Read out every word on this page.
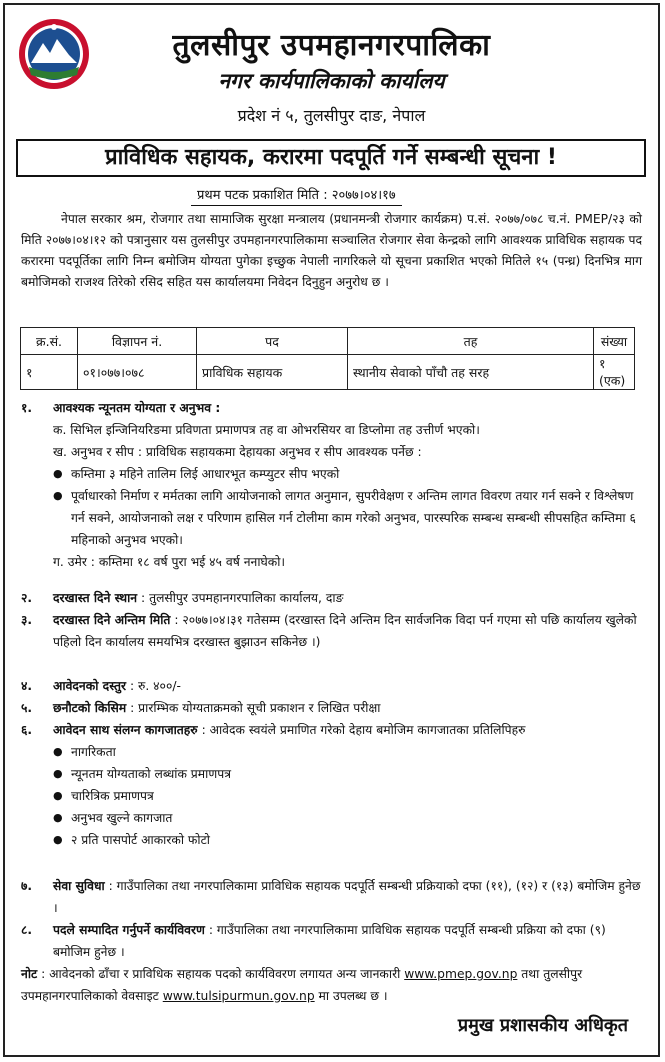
तुलसीपुर उपमहानगरपालिका
नगर कार्यपालिकाको कार्यालय
प्रदेश नं ५, तुलसीपुर दाङ, नेपाल
प्राविधिक सहायक, करारमा पदपूर्ति गर्ने सम्बन्धी सूचना !
प्रथम पटक प्रकाशित मिति : २०७७।०४।१७
नेपाल सरकार श्रम, रोजगार तथा सामाजिक सुरक्षा मन्त्रालय (प्रधानमन्त्री रोजगार कार्यक्रम) प.सं. २०७७/०७८ च.नं. PMEP/२३ को मिति २०७७।०४।१२ को पत्रानुसार यस तुलसीपुर उपमहानगरपालिकामा सञ्चालित रोजगार सेवा केन्द्रको लागि आवश्यक प्राविधिक सहायक पद करारमा पदपूर्तिका लागि निम्न बमोजिम योग्यता पुगेका इच्छुक नेपाली नागरिकले यो सूचना प्रकाशित भएको मितिले १५ (पन्ध्र) दिनभित्र माग बमोजिमको राजश्व तिरेको रसिद सहित यस कार्यालयमा निवेदन दिनुहुन अनुरोध छ ।
क्र.सं.	विज्ञापन नं.	पद	तह	संख्या
१	०१।०७७।०७८	प्राविधिक सहायक	स्थानीय सेवाको पाँचौ तह सरह	१ (एक)
१.	आवश्यक न्यूनतम योग्यता र अनुभव :
क. सिभिल इन्जिनियरिङमा प्रविणता प्रमाणपत्र तह वा ओभरसियर वा डिप्लोमा तह उत्तीर्ण भएको।
ख. अनुभव र सीप : प्राविधिक सहायकमा देहायका अनुभव र सीप आवश्यक पर्नेछ :
● कम्तिमा ३ महिने तालिम लिई आधारभूत कम्प्युटर सीप भएको
● पूर्वाधारको निर्माण र मर्मतका लागि आयोजनाको लागत अनुमान, सुपरीवेक्षण र अन्तिम लागत विवरण तयार गर्न सक्ने र विश्लेषण गर्न सक्ने, आयोजनाको लक्ष र परिणाम हासिल गर्न टोलीमा काम गरेको अनुभव, पारस्परिक सम्बन्ध सम्बन्धी सीपसहित कम्तिमा ६ महिनाको अनुभव भएको।
ग. उमेर : कम्तिमा १८ वर्ष पुरा भई ४५ वर्ष ननाघेको।
२.	दरखास्त दिने स्थान : तुलसीपुर उपमहानगरपालिका कार्यालय, दाङ
३.	दरखास्त दिने अन्तिम मिति : २०७७।०४।३१ गतेसम्म (दरखास्त दिने अन्तिम दिन सार्वजनिक विदा पर्न गएमा सो पछि कार्यालय खुलेको पहिलो दिन कार्यालय समयभित्र दरखास्त बुझाउन सकिनेछ ।)
४.	आवेदनको दस्तुर : रु. ४००/-
५.	छनौटको किसिम : प्रारम्भिक योग्यताक्रमको सूची प्रकाशन र लिखित परीक्षा
६.	आवेदन साथ संलग्न कागजातहरु : आवेदक स्वयंले प्रमाणित गरेको देहाय बमोजिम कागजातका प्रतिलिपिहरु
● नागरिकता
● न्यूनतम योग्यताको लब्धांक प्रमाणपत्र
● चारित्रिक प्रमाणपत्र
● अनुभव खुल्ने कागजात
● २ प्रति पासपोर्ट आकारको फोटो
७.	सेवा सुविधा : गाउँपालिका तथा नगरपालिकामा प्राविधिक सहायक पदपूर्ति सम्बन्धी प्रक्रियाको दफा (११), (१२) र (१३) बमोजिम हुनेछ ।
८.	पदले सम्पादित गर्नुपर्ने कार्यविवरण : गाउँपालिका तथा नगरपालिकामा प्राविधिक सहायक पदपूर्ति सम्बन्धी प्रक्रिया को दफा (९) बमोजिम हुनेछ ।
नोट : आवेदनको ढाँचा र प्राविधिक सहायक पदको कार्यविवरण लगायत अन्य जानकारी www.pmep.gov.np तथा तुलसीपुर उपमहानगरपालिकाको वेवसाइट www.tulsipurmun.gov.np मा उपलब्ध छ ।
प्रमुख प्रशासकीय अधिकृत
